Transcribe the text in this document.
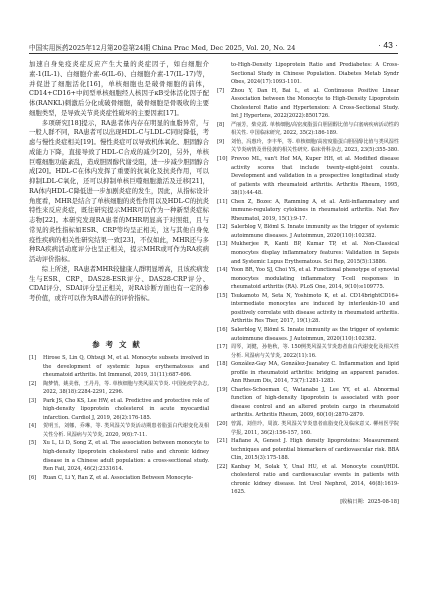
中国实用医药2025年12月第20卷第24期 China Prac Med, Dec 2025, Vol. 20, No. 24	· 43 ·

加速自身免疫炎症反应产生大量的炎症因子，如白细胞介素-1(IL-1)、白细胞介素-6(IL-6)、白细胞介素-17(IL-17)等，并促进了细胞活化[16]，单核细胞也是破骨细胞的前体，CD14+CD16+中间型单核细胞经人核因子κB受体活化因子配体(RANKL)刺激后分化成破骨细胞，破骨细胞是骨吸收的主要细胞类型，是导致关节炎炎症性破坏的主要因素[17]。

多项研究[18]提示，RA患者体内存在明显的血脂异常，与一般人群不同，RA患者可以出现HDL-C与LDL-C同时降低，考虑与慢性炎症相关[19]。慢性炎症可以导致机体氧化、胆固醇合成能力下降，直接导致了HDL-C合成的减少[20]，另外，单核巨噬细胞功能紊乱，造成胆固醇代谢受阻，进一步减少胆固醇合成[20]。HDL-C在体内发挥了重要的抗氧化及抗炎作用，可以抑制LDL-C氧化，还可以抑制单核巨噬细胞激活及迁移[21]，RA体内HDL-C降低进一步加剧炎症的发生，因此，从指标设计角度看，MHR是结合了单核细胞的炎性作用以及HDL-C的抗炎特性来反应炎症，既往研究提示MHR可以作为一种新型炎症标志物[22]。本研究发现RA患者的MHR明显高于对照组，且与常见的炎性指标如ESR、CRP等均呈正相关，这与其他自身免疫性疾病的相关性研究结果一致[23]，不仅如此，MHR还与多种RA疾病活动度评分也呈正相关，提示MHR或可作为RA疾病活动评价指标。

综上所述，RA患者MHR较健康人群明显增高，且该疾病发生与ESR、CRP、DAS28-ESR评分、DAS28-CRP评分、CDAI评分、SDAI评分呈正相关，对RA诊断方面也有一定的参考价值，或许可以作为RA潜在的评价指标。

参考文献
[1]	Hirose S, Lin Q, Ohtsuji M, et al. Monocyte subsets involved in the development of systemic lupus erythematosus and rheumatoid arthritis. Int Immunol, 2019, 31(11):687-696.
[2]	陶梦情，姚美蓉，王丹丹，等. 单核细胞与类风湿关节炎. 中国免疫学杂志, 2022, 38(18):2284-2291, 2296.
[3]	Park JS, Cho KS, Lee HW, et al. Predictive and protective role of high-density lipoprotein cholesterol in acute myocardial infarction. Cardiol J, 2019, 26(2):176-185.
[4]	贺明玉，刘娜，乔琳，等. 类风湿关节炎活动期患者脂蛋白代谢变化及相关性分析. 风湿病与关节炎, 2020, 9(6):7-11.
[5]	Xu L, Li D, Song Z, et al. The association between monocyte to high-density lipoprotein cholesterol ratio and chronic kidney disease in a Chinese adult population: a cross-sectional study. Ren Fail, 2024, 46(2):2331614.
[6]	Ruan C, Li Y, Ran Z, et al. Association Between Monocyte-
to-High-Density Lipoprotein Ratio and Prediabetes: A Cross-Sectional Study in Chinese Population. Diabetes Metab Syndr Obes, 2024(17):1093-1101.
[7]	Zhou Y, Dan H, Bai L, et al. Continuous Positive Linear Association between the Monocyte to High-Density Lipoprotein Cholesterol Ratio and Hypertension: A Cross-Sectional Study. Int J Hypertens, 2022(2022):8501726.
[8]	严丽芳，柴克霞. 单核细胞/高密度脂蛋白胆固醇比值与白塞病疾病活动性的相关性. 中国临床研究, 2022, 35(2):186-189.
[9]	刘怡，冯惠玲，李丰华，等. 单核细胞/高密度脂蛋白胆固醇比值与类风湿性关节炎病情及骨侵袭的相关性研究. 临床骨科杂志, 2023, 23(5):355-380.
[10] Prevoo ML, van't Hof MA, Kuper HH, et al. Modified disease activity scores that include twenty-eight-joint counts. Development and validation in a prospective longitudinal study of patients with rheumatoid arthritis. Arthritis Rheum, 1995, 38(1):44-48.
[11] Chen Z, Bozec A, Ramming A, et al. Anti-inflammatory and immune-regulatory cytokines in rheumatoid arthritis. Nat Rev Rheumatol, 2019, 15(1):9-17.
[12] Salerblog V, Blöml S. Innate immunity as the trigger of systemic autoimmune diseases. J Autoimmun, 2020(110):102382.
[13] Mukherjee R, Kanti BP, Kumar TP, et al. Non-Classical monocytes display inflammatory features: Validation in Sepsis and Systemic Lupus Erythematous. Sci Rep, 2015(5):13886.
[14] Yoon BR, Yoo SJ, Choi YS, et al. Functional phenotype of synovial monocytes modulating inflammatory T-cell responses in rheumatoid arthritis (RA). PLoS One, 2014, 9(10):e109775.
[15] Tsukamoto M, Seta N, Yoshimoto K, et al. CD14brightCD16+ intermediate monocytes are induced by interleukin-10 and positively correlate with disease activity in rheumatoid arthritis. Arthritis Res Ther, 2017, 19(1):28.
[16] Salerblog V, Blöml S. Innate immunity as the trigger of systemic autoimmune diseases. J Autoimmun, 2020(110):102382.
[17] 周琴，刘健，孙艳秋，等. 150例类风湿关节炎患者血白代谢变化及相关性分析. 风湿病与关节炎, 2022(11):16.
[18] González-Gay MA, González-Juanatey C. Inflammation and lipid profile in rheumatoid arthritis: bridging an apparent paradox. Ann Rheum Dis, 2014, 73(7):1281-1283.
[19] Charles-Schoeman C, Watanabe J, Lee YY, et al. Abnormal function of high-density lipoprotein is associated with poor disease control and an altered protein cargo in rheumatoid arthritis. Arthritis Rheum, 2009, 60(10):2870-2879.
[20] 曾露，刘佳玲，周波. 类风湿关节炎患者血脂变化及临床意义. 柳州医学院学报, 2011, 36(2):156-157, 160.
[21] Hafiane A, Genest J. High density lipoproteins: Measurement techniques and potential biomarkers of cardiovascular risk. BBA Clin, 2015(3):175-188.
[22] Kanbay M, Solak Y, Unal HU, et al. Monocyte count/HDL cholesterol ratio and cardiovascular events in patients with chronic kidney disease. Int Urol Nephrol, 2014, 46(8):1619-1625.
[收稿日期：2025-08-18]
